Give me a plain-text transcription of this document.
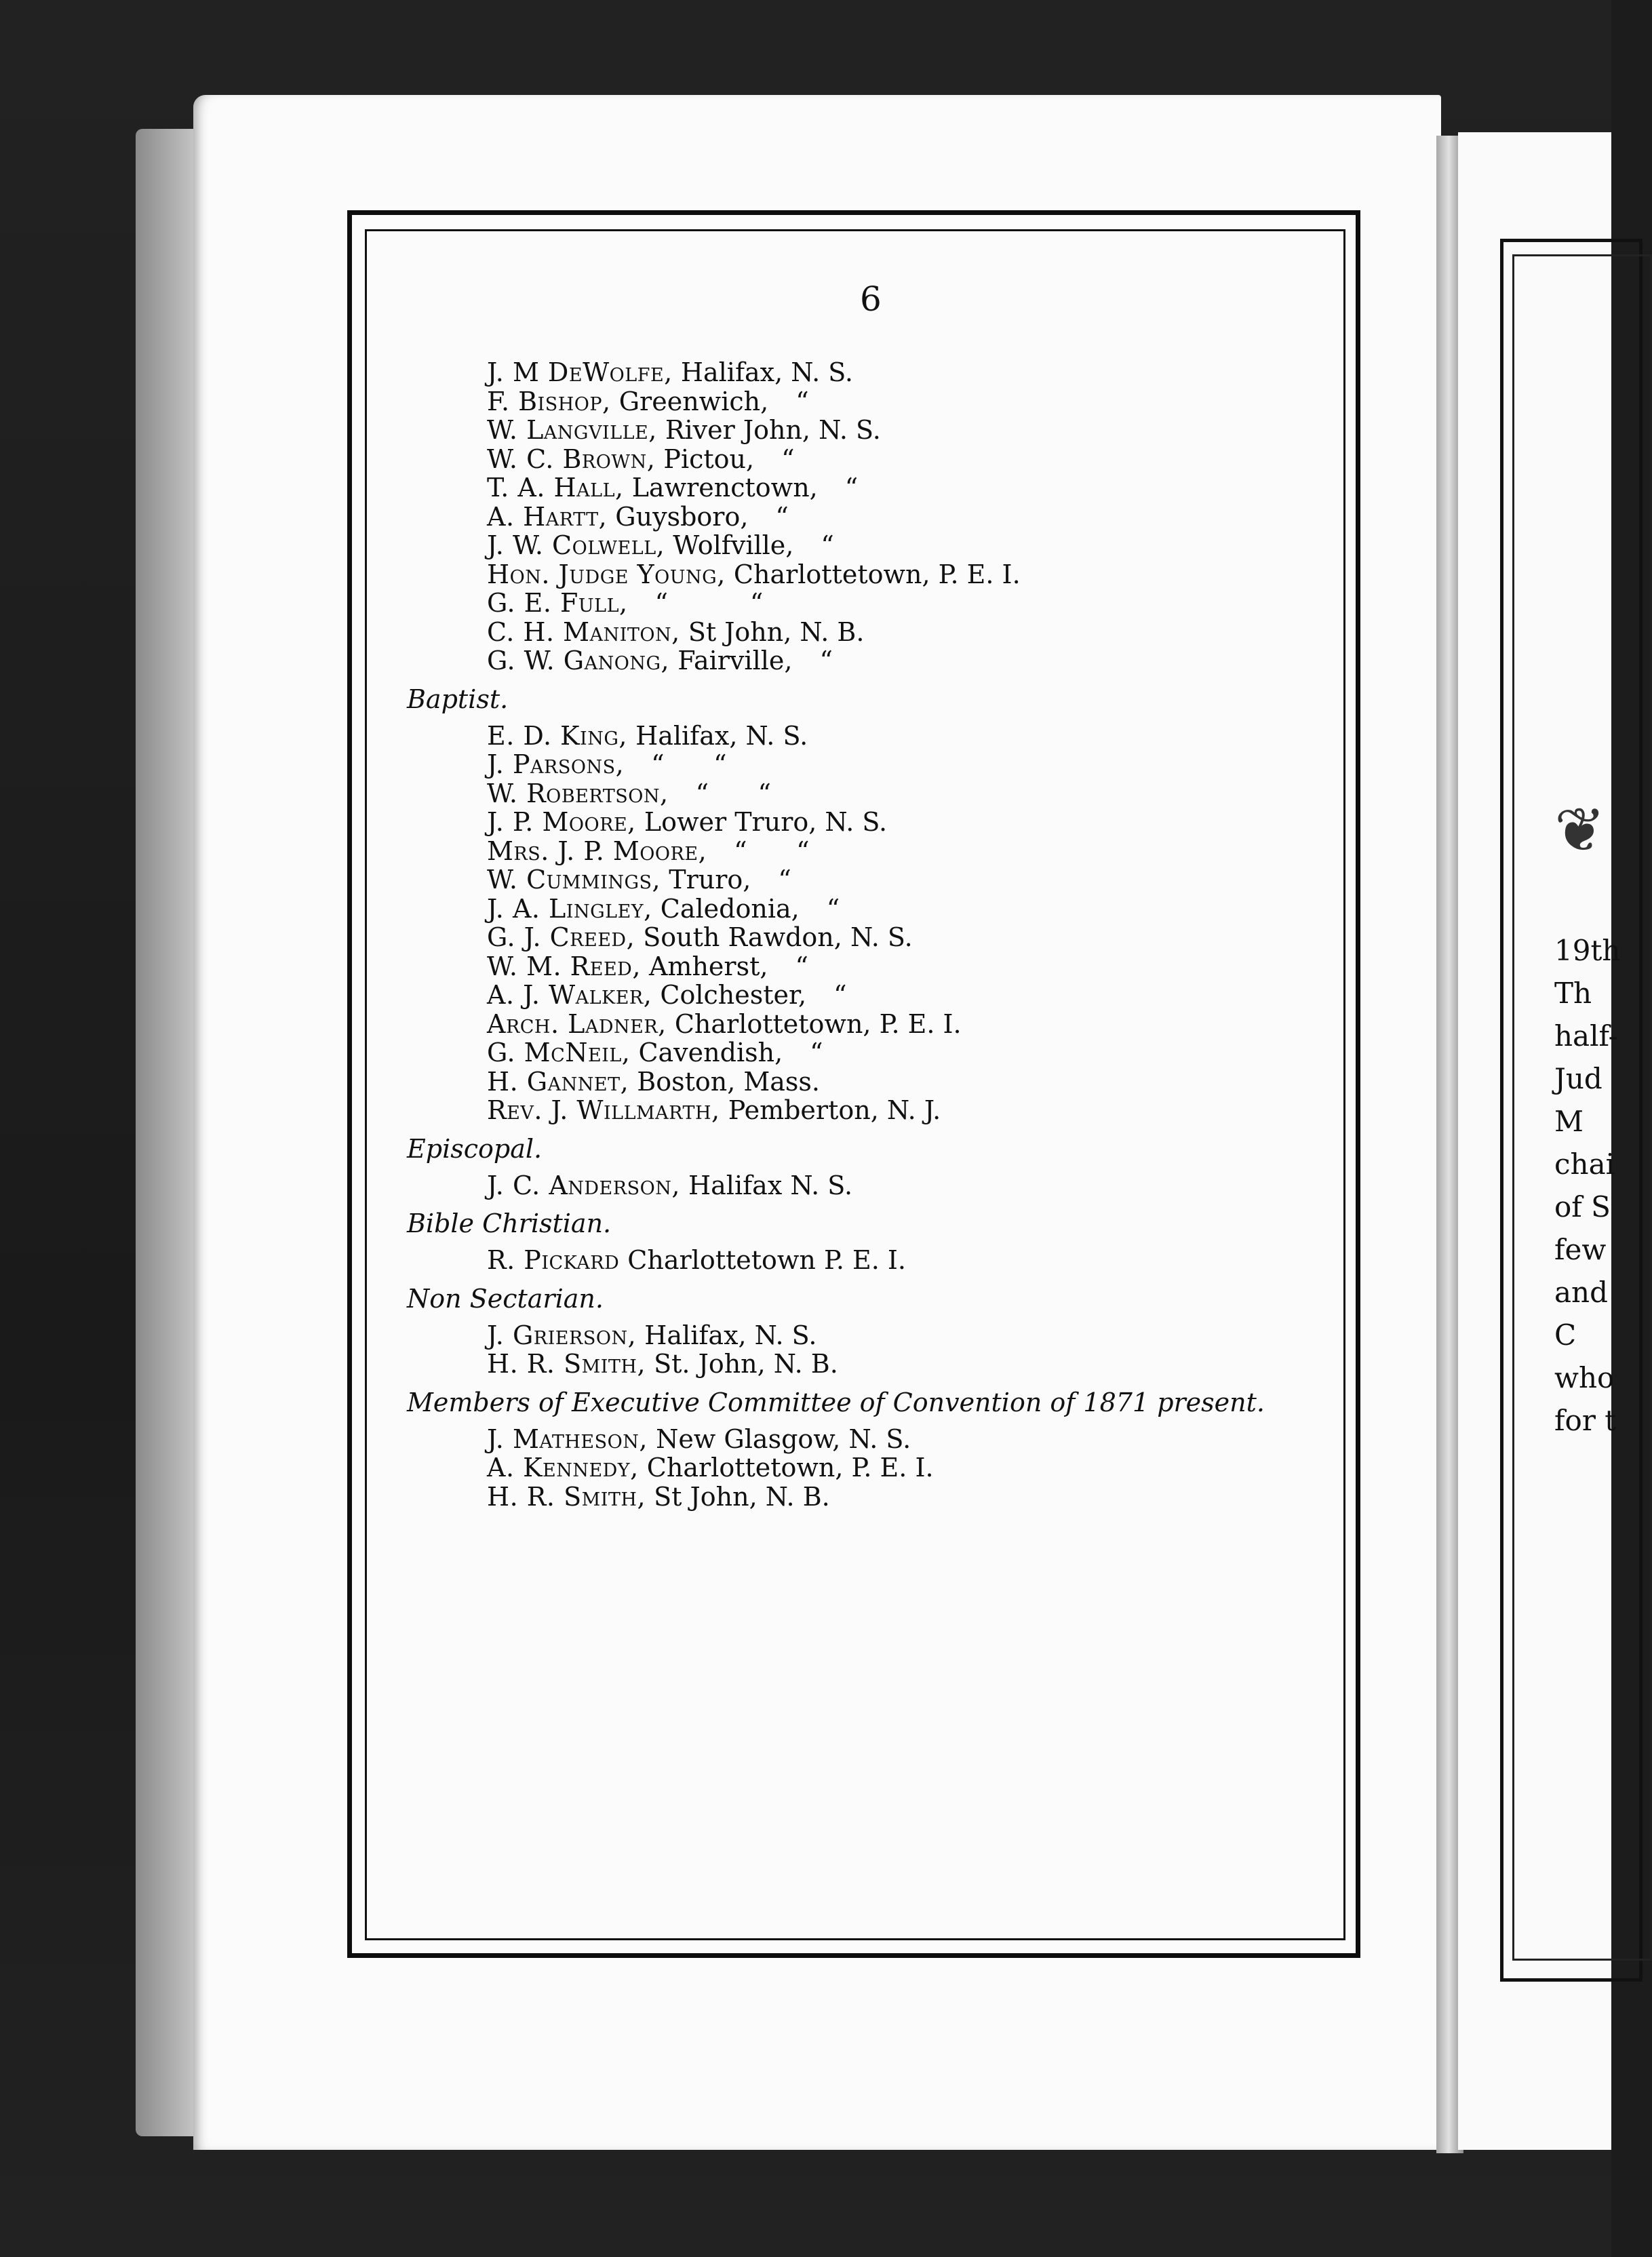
❦
19th
Th
half-
Jud
M
chai
of S
few
and
C
who
for t
6
J. M DeWolfe, Halifax, N. S.
F. Bishop, Greenwich, “
W. Langville, River John, N. S.
W. C. Brown, Pictou, “
T. A. Hall, Lawrenctown, “
A. Hartt, Guysboro, “
J. W. Colwell, Wolfville, “
Hon. Judge Young, Charlottetown, P. E. I.
G. E. Full, “          “
C. H. Maniton, St John, N. B.
G. W. Ganong, Fairville, “
Baptist.
E. D. King, Halifax, N. S.
J. Parsons, “      “
W. Robertson, “      “
J. P. Moore, Lower Truro, N. S.
Mrs. J. P. Moore, “      “
W. Cummings, Truro, “
J. A. Lingley, Caledonia, “
G. J. Creed, South Rawdon, N. S.
W. M. Reed, Amherst, “
A. J. Walker, Colchester, “
Arch. Ladner, Charlottetown, P. E. I.
G. McNeil, Cavendish, “
H. Gannet, Boston, Mass.
Rev. J. Willmarth, Pemberton, N. J.
Episcopal.
J. C. Anderson, Halifax N. S.
Bible Christian.
R. Pickard Charlottetown P. E. I.
Non Sectarian.
J. Grierson, Halifax, N. S.
H. R. Smith, St. John, N. B.
Members of Executive Committee of Convention of 1871 present.
J. Matheson, New Glasgow, N. S.
A. Kennedy, Charlottetown, P. E. I.
H. R. Smith, St John, N. B.
